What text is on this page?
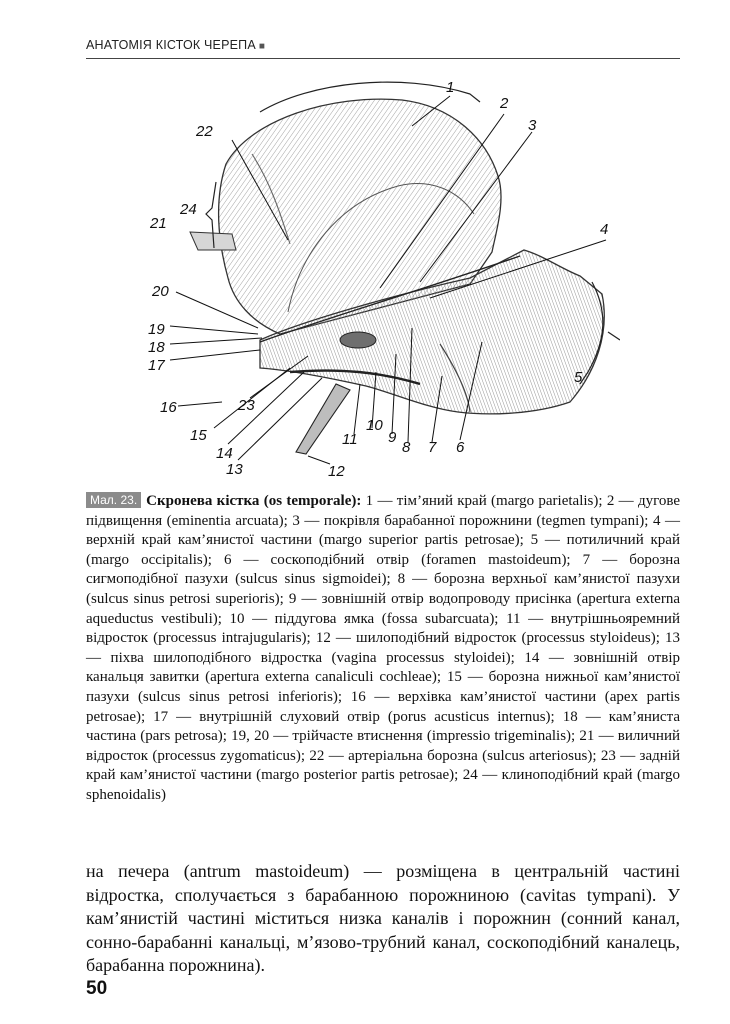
АНАТОМІЯ КІСТОК ЧЕРЕПА ■
1
2
3
4
5
6
7
8
9
10
11
12
13
14
15
16
17
18
19
20
21
22
23
24
Мал. 23. Скронева кістка (os temporale): 1 — тім’яний край (margo parietalis); 2 — дугове підвищення (eminentia arcuata); 3 — покрівля барабанної порожнини (tegmen tympani); 4 — верхній край кам’янистої частини (margo superior partis petrosae); 5 — потиличний край (margo occipitalis); 6 — соскоподібний отвір (foramen mastoideum); 7 — борозна сигмоподібної пазухи (sulcus sinus sigmoidei); 8 — борозна верхньої кам’янистої пазухи (sulcus sinus petrosi superioris); 9 — зовнішній отвір водопроводу присінка (apertura externa aqueductus vestibuli); 10 — піддугова ямка (fossa subarcuata); 11 — внутрішньояремний відросток (processus intrajugularis); 12 — шилоподібний відросток (processus styloideus); 13 — піхва шилоподібного відростка (vagina processus styloidei); 14 — зовнішній отвір канальця завитки (apertura externa canaliculi cochleae); 15 — борозна нижньої кам’янистої пазухи (sulcus sinus petrosi inferioris); 16 — верхівка кам’янистої частини (apex partis petrosae); 17 — внутрішній слуховий отвір (porus acusticus internus); 18 — кам’яниста частина (pars petrosa); 19, 20 — трійчасте втиснення (impressio trigeminalis); 21 — виличний відросток (processus zygomaticus); 22 — артеріальна борозна (sulcus arteriosus); 23 — задній край кам’янистої частини (margo posterior partis petrosae); 24 — клиноподібний край (margo sphenoidalis)
на печера (antrum mastoideum) — розміщена в центральній частині відростка, сполучається з барабанною порожниною (cavitas tympani). У кам’янистій частині міститься низка каналів і порожнин (сонний канал, сонно-барабанні канальці, м’язово-трубний канал, соскоподібний каналець, барабанна порожнина).
50
